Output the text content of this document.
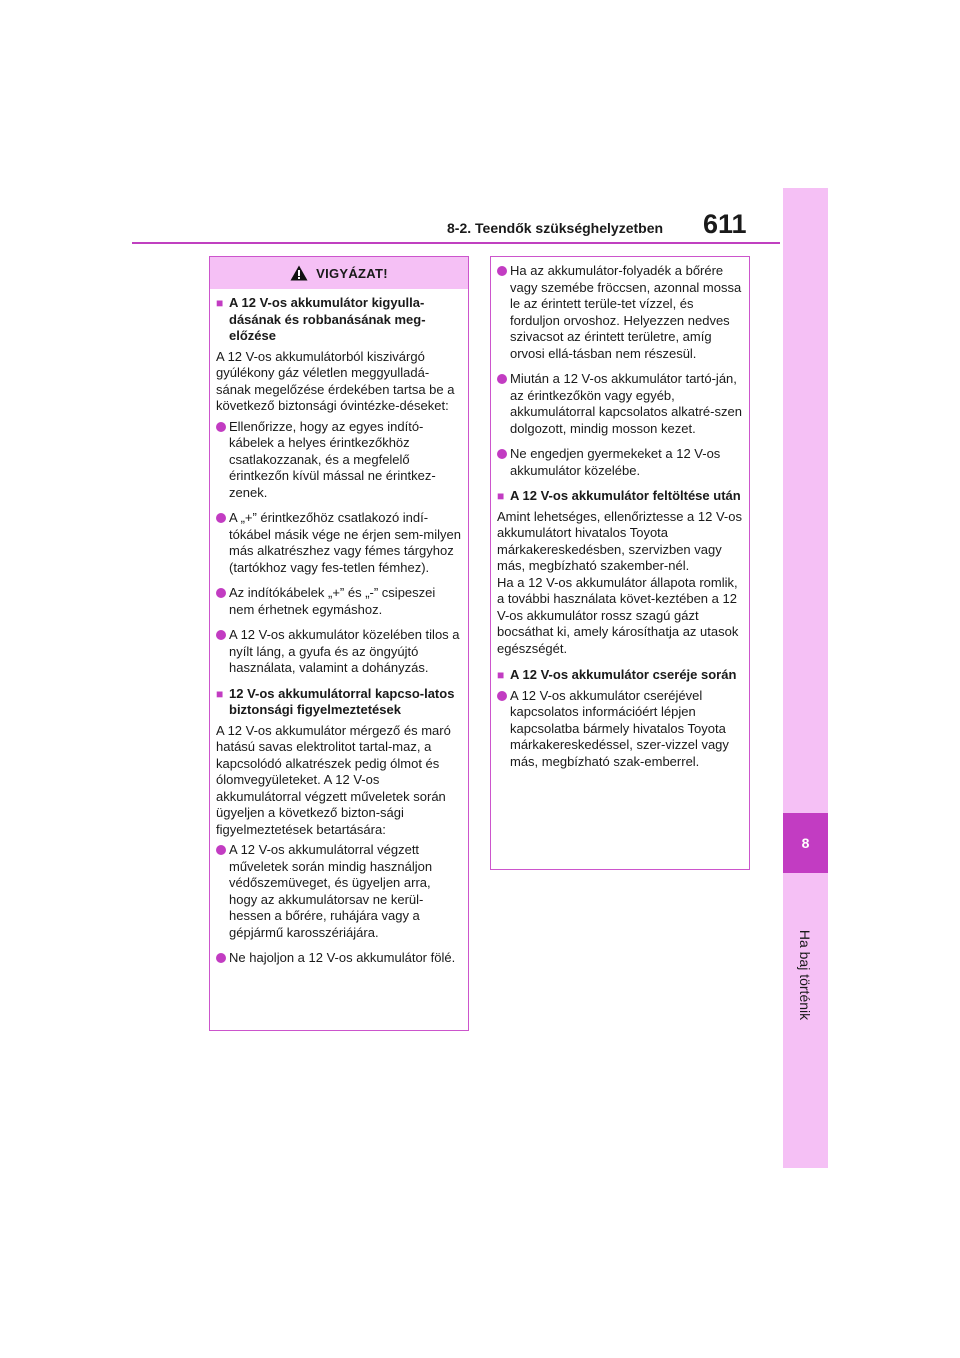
8
Ha baj történik
8-2. Teendők szükséghelyzetben 611
VIGYÁZAT!
■ A 12 V-os akkumulátor kigyulla-dásának és robbanásának meg-előzése
A 12 V-os akkumulátorból kiszivárgó gyúlékony gáz véletlen meggyulladá-sának megelőzése érdekében tartsa be a következő biztonsági óvintézke-déseket:
Ellenőrizze, hogy az egyes indító-kábelek a helyes érintkezőkhöz csatlakozzanak, és a megfelelő érintkezőn kívül mással ne érintkez-zenek.
A „+” érintkezőhöz csatlakozó indí-tókábel másik vége ne érjen sem-milyen más alkatrészhez vagy fémes tárgyhoz (tartókhoz vagy fes-tetlen fémhez).
Az indítókábelek „+” és „-” csipeszei nem érhetnek egymáshoz.
A 12 V-os akkumulátor közelében tilos a nyílt láng, a gyufa és az öngyújtó használata, valamint a dohányzás.
■ 12 V-os akkumulátorral kapcso-latos biztonsági figyelmeztetések
A 12 V-os akkumulátor mérgező és maró hatású savas elektrolitot tartal-maz, a kapcsolódó alkatrészek pedig ólmot és ólomvegyületeket. A 12 V-os akkumulátorral végzett műveletek során ügyeljen a következő bizton-sági figyelmeztetések betartására:
A 12 V-os akkumulátorral végzett műveletek során mindig használjon védőszemüveget, és ügyeljen arra, hogy az akkumulátorsav ne kerül-hessen a bőrére, ruhájára vagy a gépjármű karosszériájára.
Ne hajoljon a 12 V-os akkumulátor fölé.
Ha az akkumulátor-folyadék a bőrére vagy szemébe fröccsen, azonnal mossa le az érintett terüle-tet vízzel, és forduljon orvoshoz. Helyezzen nedves szivacsot az érintett területre, amíg orvosi ellá-tásban nem részesül.
Miután a 12 V-os akkumulátor tartó-ján, az érintkezőkön vagy egyéb, akkumulátorral kapcsolatos alkatré-szen dolgozott, mindig mosson kezet.
Ne engedjen gyermekeket a 12 V-os akkumulátor közelébe.
■ A 12 V-os akkumulátor feltöltése után
Amint lehetséges, ellenőriztesse a 12 V-os akkumulátort hivatalos Toyota márkakereskedésben, szervizben vagy más, megbízható szakember-nél.
Ha a 12 V-os akkumulátor állapota romlik, a további használata követ-keztében a 12 V-os akkumulátor rossz szagú gázt bocsáthat ki, amely károsíthatja az utasok egészségét.
■ A 12 V-os akkumulátor cseréje során
A 12 V-os akkumulátor cseréjével kapcsolatos információért lépjen kapcsolatba bármely hivatalos Toyota márkakereskedéssel, szer-vizzel vagy más, megbízható szak-emberrel.
